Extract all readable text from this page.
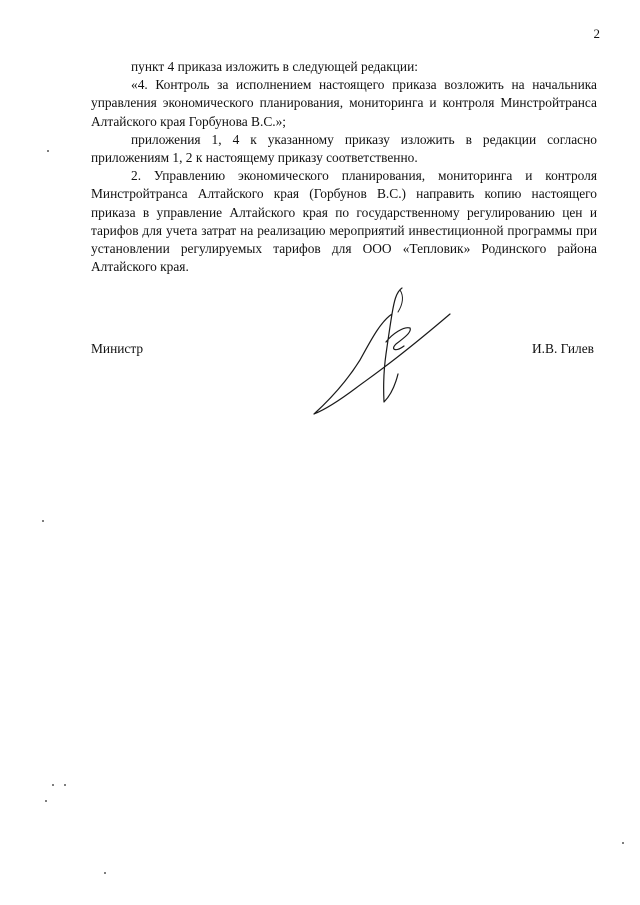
2

пункт 4 приказа изложить в следующей редакции:

«4. Контроль за исполнением настоящего приказа возложить на начальника управления экономического планирования, мониторинга и контроля Минстройтранса Алтайского края Горбунова В.С.»;

приложения 1, 4 к указанному приказу изложить в редакции согласно приложениям 1, 2 к настоящему приказу соответственно.

2. Управлению экономического планирования, мониторинга и контроля Минстройтранса Алтайского края (Горбунов В.С.) направить копию настоящего приказа в управление Алтайского края по государственному регулированию цен и тарифов для учета затрат на реализацию мероприятий инвестиционной программы при установлении регулируемых тарифов для ООО «Тепловик» Родинского района Алтайского края.

Министр	И.В. Гилев
